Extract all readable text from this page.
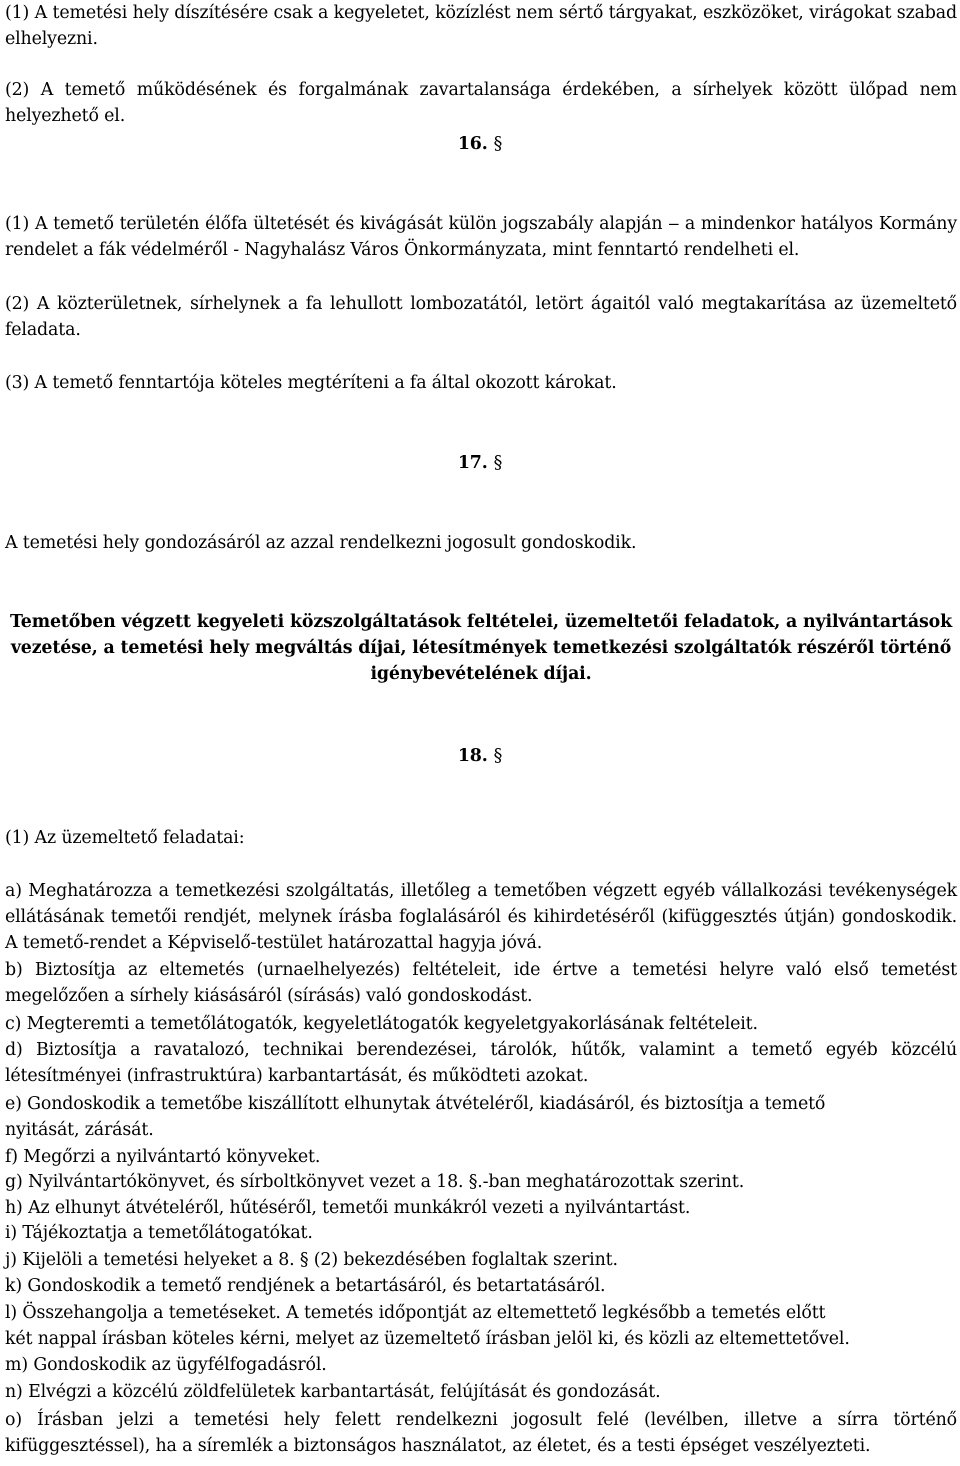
(1) A temetési hely díszítésére csak a kegyeletet, közízlést nem sértő tárgyakat, eszközöket, virágokat szabad elhelyezni.

(2) A temető működésének és forgalmának zavartalansága érdekében, a sírhelyek között ülőpad nem helyezhető el.

16. §

(1) A temető területén élőfa ültetését és kivágását külön jogszabály alapján ‒ a mindenkor hatályos Kormány rendelet a fák védelméről - Nagyhalász Város Önkormányzata, mint fenntartó rendelheti el.

(2) A közterületnek, sírhelynek a fa lehullott lombozatától, letört ágaitól való megtakarítása az üzemeltető feladata.

(3) A temető fenntartója köteles megtéríteni a fa által okozott károkat.

17. §

A temetési hely gondozásáról az azzal rendelkezni jogosult gondoskodik.

Temetőben végzett kegyeleti közszolgáltatások feltételei, üzemeltetői feladatok, a nyilvántartások vezetése, a temetési hely megváltás díjai, létesítmények temetkezési szolgáltatók részéről történő igénybevételének díjai.

18. §

(1) Az üzemeltető feladatai:

a) Meghatározza a temetkezési szolgáltatás, illetőleg a temetőben végzett egyéb vállalkozási tevékenységek ellátásának temetői rendjét, melynek írásba foglalásáról és kihirdetéséről (kifüggesztés útján) gondoskodik. A temető-rendet a Képviselő-testület határozattal hagyja jóvá.

b) Biztosítja az eltemetés (urnaelhelyezés) feltételeit, ide értve a temetési helyre való első temetést megelőzően a sírhely kiásásáról (sírásás) való gondoskodást.

c) Megteremti a temetőlátogatók, kegyeletlátogatók kegyeletgyakorlásának feltételeit.

d) Biztosítja a ravatalozó, technikai berendezései, tárolók, hűtők, valamint a temető egyéb közcélú létesítményei (infrastruktúra) karbantartását, és működteti azokat.

e) Gondoskodik a temetőbe kiszállított elhunytak átvételéről, kiadásáról, és biztosítja a temető

nyitását, zárását.

f) Megőrzi a nyilvántartó könyveket.

g) Nyilvántartókönyvet, és sírboltkönyvet vezet a 18. §.-ban meghatározottak szerint.

h) Az elhunyt átvételéről, hűtéséről, temetői munkákról vezeti a nyilvántartást.

i) Tájékoztatja a temetőlátogatókat.

j) Kijelöli a temetési helyeket a 8. § (2) bekezdésében foglaltak szerint.

k) Gondoskodik a temető rendjének a betartásáról, és betartatásáról.

l) Összehangolja a temetéseket. A temetés időpontját az eltemettető legkésőbb a temetés előtt

két nappal írásban köteles kérni, melyet az üzemeltető írásban jelöl ki, és közli az eltemettetővel.

m) Gondoskodik az ügyfélfogadásról.

n) Elvégzi a közcélú zöldfelületek karbantartását, felújítását és gondozását.

o) Írásban jelzi a temetési hely felett rendelkezni jogosult felé (levélben, illetve a sírra történő kifüggesztéssel), ha a síremlék a biztonságos használatot, az életet, és a testi épséget veszélyezteti.
